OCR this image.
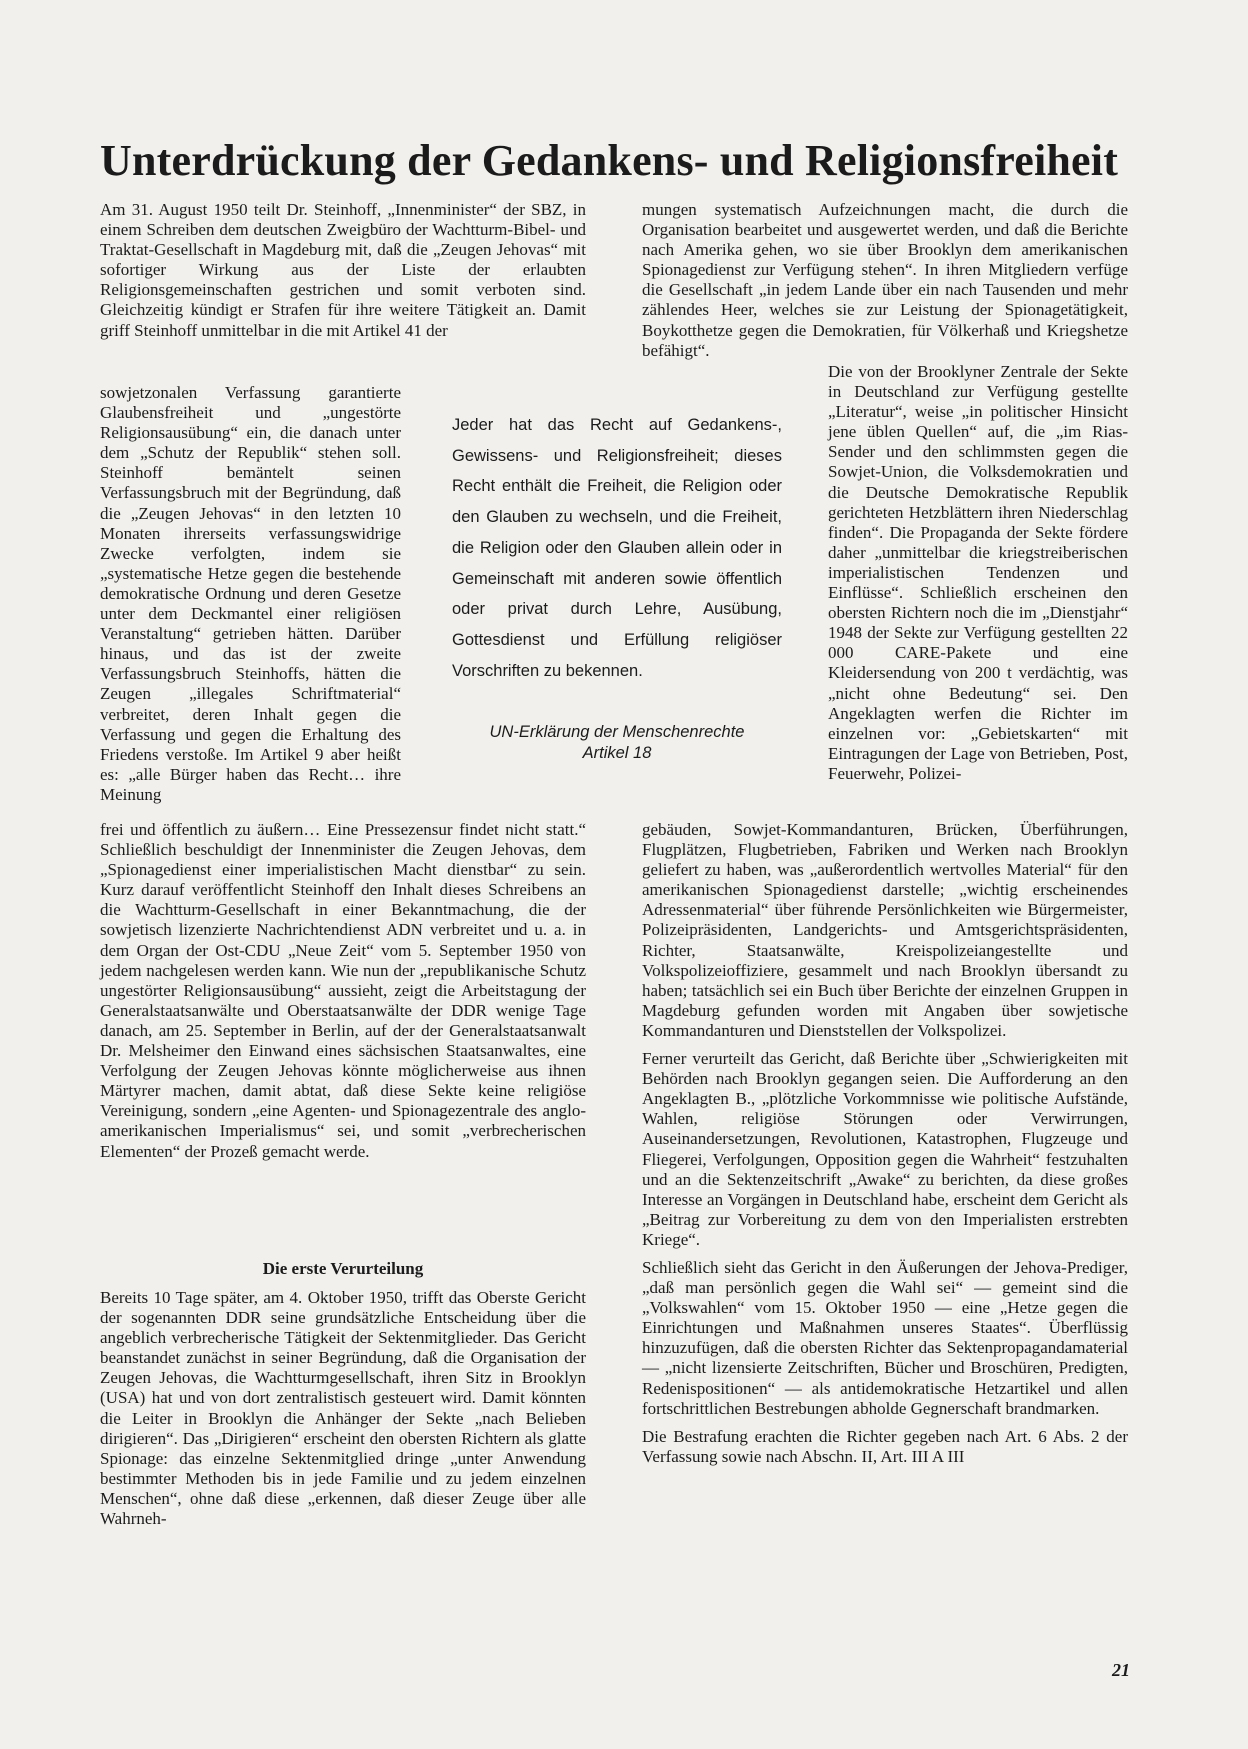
Unterdrückung der Gedankens- und Religionsfreiheit

Am 31. August 1950 teilt Dr. Steinhoff, „Innenminister“ der SBZ, in einem Schreiben dem deutschen Zweigbüro der Wachtturm-Bibel- und Traktat-Gesellschaft in Magdeburg mit, daß die „Zeugen Jehovas“ mit sofortiger Wirkung aus der Liste der erlaubten Religionsgemeinschaften gestrichen und somit verboten sind. Gleichzeitig kündigt er Strafen für ihre weitere Tätigkeit an. Damit griff Steinhoff unmittelbar in die mit Artikel 41 der

sowjetzonalen Verfassung garantierte Glaubensfreiheit und „ungestörte Religionsausübung“ ein, die danach unter dem „Schutz der Republik“ stehen soll. Steinhoff bemäntelt seinen Verfassungsbruch mit der Begründung, daß die „Zeugen Jehovas“ in den letzten 10 Monaten ihrerseits verfassungswidrige Zwecke verfolgten, indem sie „systematische Hetze gegen die bestehende demokratische Ordnung und deren Gesetze unter dem Deckmantel einer religiösen Veranstaltung“ getrieben hätten. Darüber hinaus, und das ist der zweite Verfassungsbruch Steinhoffs, hätten die Zeugen „illegales Schriftmaterial“ verbreitet, deren Inhalt gegen die Verfassung und gegen die Erhaltung des Friedens verstoße. Im Artikel 9 aber heißt es: „alle Bürger haben das Recht… ihre Meinung

Jeder hat das Recht auf Gedankens-, Gewissens- und Religionsfreiheit; dieses Recht enthält die Freiheit, die Religion oder den Glauben zu wechseln, und die Freiheit, die Religion oder den Glauben allein oder in Gemeinschaft mit anderen sowie öffentlich oder privat durch Lehre, Ausübung, Gottesdienst und Erfüllung religiöser Vorschriften zu bekennen.
UN-Erklärung der Menschenrechte
Artikel 18

frei und öffentlich zu äußern… Eine Pressezensur findet nicht statt.“ Schließlich beschuldigt der Innenminister die Zeugen Jehovas, dem „Spionagedienst einer imperialistischen Macht dienstbar“ zu sein. Kurz darauf veröffentlicht Steinhoff den Inhalt dieses Schreibens an die Wachtturm-Gesellschaft in einer Bekanntmachung, die der sowjetisch lizenzierte Nachrichtendienst ADN verbreitet und u. a. in dem Organ der Ost-CDU „Neue Zeit“ vom 5. September 1950 von jedem nachgelesen werden kann. Wie nun der „republikanische Schutz ungestörter Religionsausübung“ aussieht, zeigt die Arbeitstagung der Generalstaatsanwälte und Oberstaatsanwälte der DDR wenige Tage danach, am 25. September in Berlin, auf der der Generalstaatsanwalt Dr. Melsheimer den Einwand eines sächsischen Staatsanwaltes, eine Verfolgung der Zeugen Jehovas könnte möglicherweise aus ihnen Märtyrer machen, damit abtat, daß diese Sekte keine religiöse Vereinigung, sondern „eine Agenten- und Spionagezentrale des anglo-amerikanischen Imperialismus“ sei, und somit „verbrecherischen Elementen“ der Prozeß gemacht werde.

Die erste Verurteilung

Bereits 10 Tage später, am 4. Oktober 1950, trifft das Oberste Gericht der sogenannten DDR seine grundsätzliche Entscheidung über die angeblich verbrecherische Tätigkeit der Sektenmitglieder. Das Gericht beanstandet zunächst in seiner Begründung, daß die Organisation der Zeugen Jehovas, die Wachtturmgesellschaft, ihren Sitz in Brooklyn (USA) hat und von dort zentralistisch gesteuert wird. Damit könnten die Leiter in Brooklyn die Anhänger der Sekte „nach Belieben dirigieren“. Das „Dirigieren“ erscheint den obersten Richtern als glatte Spionage: das einzelne Sektenmitglied dringe „unter Anwendung bestimmter Methoden bis in jede Familie und zu jedem einzelnen Menschen“, ohne daß diese „erkennen, daß dieser Zeuge über alle Wahrneh-

mungen systematisch Aufzeichnungen macht, die durch die Organisation bearbeitet und ausgewertet werden, und daß die Berichte nach Amerika gehen, wo sie über Brooklyn dem amerikanischen Spionagedienst zur Verfügung stehen“. In ihren Mitgliedern verfüge die Gesellschaft „in jedem Lande über ein nach Tausenden und mehr zählendes Heer, welches sie zur Leistung der Spionagetätigkeit, Boykotthetze gegen die Demokratien, für Völkerhaß und Kriegshetze befähigt“.

Die von der Brooklyner Zentrale der Sekte in Deutschland zur Verfügung gestellte „Literatur“, weise „in politischer Hinsicht jene üblen Quellen“ auf, die „im Rias-Sender und den schlimmsten gegen die Sowjet-Union, die Volksdemokratien und die Deutsche Demokratische Republik gerichteten Hetzblättern ihren Niederschlag finden“. Die Propaganda der Sekte fördere daher „unmittelbar die kriegstreiberischen imperialistischen Tendenzen und Einflüsse“. Schließlich erscheinen den obersten Richtern noch die im „Dienstjahr“ 1948 der Sekte zur Verfügung gestellten 22 000 CARE-Pakete und eine Kleidersendung von 200 t verdächtig, was „nicht ohne Bedeutung“ sei. Den Angeklagten werfen die Richter im einzelnen vor: „Gebietskarten“ mit Eintragungen der Lage von Betrieben, Post, Feuerwehr, Polizei-

gebäuden, Sowjet-Kommandanturen, Brücken, Überführungen, Flugplätzen, Flugbetrieben, Fabriken und Werken nach Brooklyn geliefert zu haben, was „außerordentlich wertvolles Material“ für den amerikanischen Spionagedienst darstelle; „wichtig erscheinendes Adressenmaterial“ über führende Persönlichkeiten wie Bürgermeister, Polizeipräsidenten, Landgerichts- und Amtsgerichtspräsidenten, Richter, Staatsanwälte, Kreispolizeiangestellte und Volkspolizeioffiziere, gesammelt und nach Brooklyn übersandt zu haben; tatsächlich sei ein Buch über Berichte der einzelnen Gruppen in Magdeburg gefunden worden mit Angaben über sowjetische Kommandanturen und Dienststellen der Volkspolizei.

Ferner verurteilt das Gericht, daß Berichte über „Schwierigkeiten mit Behörden nach Brooklyn gegangen seien. Die Aufforderung an den Angeklagten B., „plötzliche Vorkommnisse wie politische Aufstände, Wahlen, religiöse Störungen oder Verwirrungen, Auseinandersetzungen, Revolutionen, Katastrophen, Flugzeuge und Fliegerei, Verfolgungen, Opposition gegen die Wahrheit“ festzuhalten und an die Sektenzeitschrift „Awake“ zu berichten, da diese großes Interesse an Vorgängen in Deutschland habe, erscheint dem Gericht als „Beitrag zur Vorbereitung zu dem von den Imperialisten erstrebten Kriege“.

Schließlich sieht das Gericht in den Äußerungen der Jehova-Prediger, „daß man persönlich gegen die Wahl sei“ — gemeint sind die „Volkswahlen“ vom 15. Oktober 1950 — eine „Hetze gegen die Einrichtungen und Maßnahmen unseres Staates“. Überflüssig hinzuzufügen, daß die obersten Richter das Sektenpropagandamaterial — „nicht lizensierte Zeitschriften, Bücher und Broschüren, Predigten, Redenispositionen“ — als antidemokratische Hetzartikel und allen fortschrittlichen Bestrebungen abholde Gegnerschaft brandmarken.

Die Bestrafung erachten die Richter gegeben nach Art. 6 Abs. 2 der Verfassung sowie nach Abschn. II, Art. III A III

21
